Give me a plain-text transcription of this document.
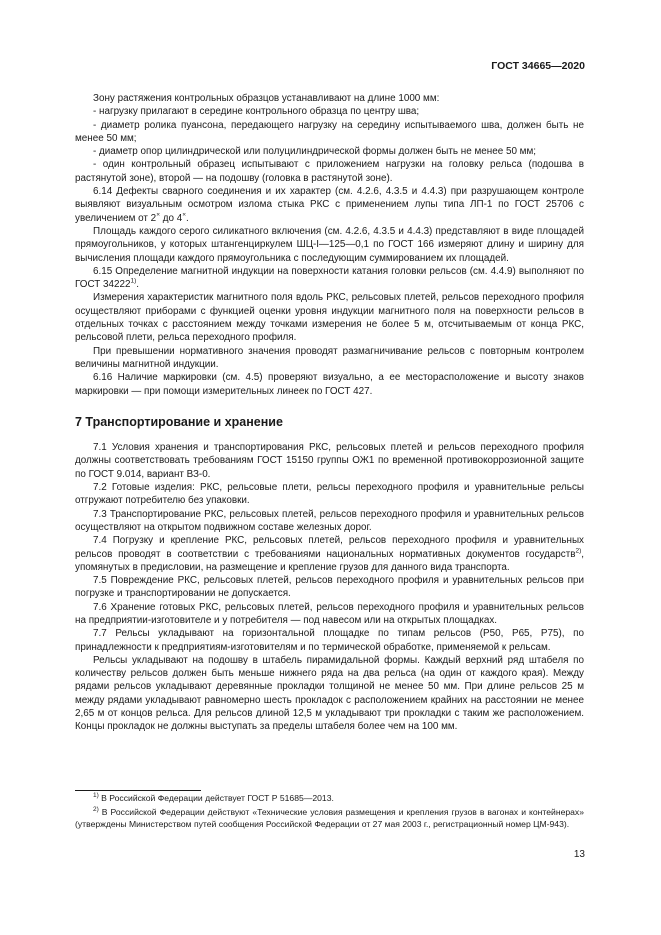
ГОСТ 34665—2020

Зону растяжения контрольных образцов устанавливают на длине 1000 мм:

- нагрузку прилагают в середине контрольного образца по центру шва;

- диаметр ролика пуансона, передающего нагрузку на середину испытываемого шва, должен быть не менее 50 мм;

- диаметр опор цилиндрической или полуцилиндрической формы должен быть не менее 50 мм;

- один контрольный образец испытывают с приложением нагрузки на головку рельса (подошва в растянутой зоне), второй — на подошву (головка в растянутой зоне).

6.14 Дефекты сварного соединения и их характер (см. 4.2.6, 4.3.5 и 4.4.3) при разрушающем контроле выявляют визуальным осмотром излома стыка РКС с применением лупы типа ЛП-1 по ГОСТ 25706 с увеличением от 2× до 4×.

Площадь каждого серого силикатного включения (см. 4.2.6, 4.3.5 и 4.4.3) представляют в виде площадей прямоугольников, у которых штангенциркулем ШЦ-I—125—0,1 по ГОСТ 166 измеряют длину и ширину для вычисления площади каждого прямоугольника с последующим суммированием их площадей.

6.15 Определение магнитной индукции на поверхности катания головки рельсов (см. 4.4.9) выполняют по ГОСТ 34222$^{1)}$.

Измерения характеристик магнитного поля вдоль РКС, рельсовых плетей, рельсов переходного профиля осуществляют приборами с функцией оценки уровня индукции магнитного поля на поверхности рельсов в отдельных точках с расстоянием между точками измерения не более 5 м, отсчитываемым от конца РКС, рельсовой плети, рельса переходного профиля.

При превышении нормативного значения проводят размагничивание рельсов с повторным контролем величины магнитной индукции.

6.16 Наличие маркировки (см. 4.5) проверяют визуально, а ее месторасположение и высоту знаков маркировки — при помощи измерительных линеек по ГОСТ 427.

7 Транспортирование и хранение

7.1 Условия хранения и транспортирования РКС, рельсовых плетей и рельсов переходного профиля должны соответствовать требованиям ГОСТ 15150 группы ОЖ1 по временной противокоррозионной защите по ГОСТ 9.014, вариант ВЗ-0.

7.2 Готовые изделия: РКС, рельсовые плети, рельсы переходного профиля и уравнительные рельсы отгружают потребителю без упаковки.

7.3 Транспортирование РКС, рельсовых плетей, рельсов переходного профиля и уравнительных рельсов осуществляют на открытом подвижном составе железных дорог.

7.4 Погрузку и крепление РКС, рельсовых плетей, рельсов переходного профиля и уравнительных рельсов проводят в соответствии с требованиями национальных нормативных документов государств$^{2)}$, упомянутых в предисловии, на размещение и крепление грузов для данного вида транспорта.

7.5 Повреждение РКС, рельсовых плетей, рельсов переходного профиля и уравнительных рельсов при погрузке и транспортировании не допускается.

7.6 Хранение готовых РКС, рельсовых плетей, рельсов переходного профиля и уравнительных рельсов на предприятии-изготовителе и у потребителя — под навесом или на открытых площадках.

7.7 Рельсы укладывают на горизонтальной площадке по типам рельсов (Р50, Р65, Р75), по принадлежности к предприятиям-изготовителям и по термической обработке, применяемой к рельсам.

Рельсы укладывают на подошву в штабель пирамидальной формы. Каждый верхний ряд штабеля по количеству рельсов должен быть меньше нижнего ряда на два рельса (на один от каждого края). Между рядами рельсов укладывают деревянные прокладки толщиной не менее 50 мм. При длине рельсов 25 м между рядами укладывают равномерно шесть прокладок с расположением крайних на расстоянии не менее 2,65 м от концов рельса. Для рельсов длиной 12,5 м укладывают три прокладки с таким же расположением. Концы прокладок не должны выступать за пределы штабеля более чем на 100 мм.

$^{1)}$ В Российской Федерации действует ГОСТ Р 51685—2013.

$^{2)}$ В Российской Федерации действуют «Технические условия размещения и крепления грузов в вагонах и контейнерах» (утверждены Министерством путей сообщения Российской Федерации от 27 мая 2003 г., регистрационный номер ЦМ-943).

13
